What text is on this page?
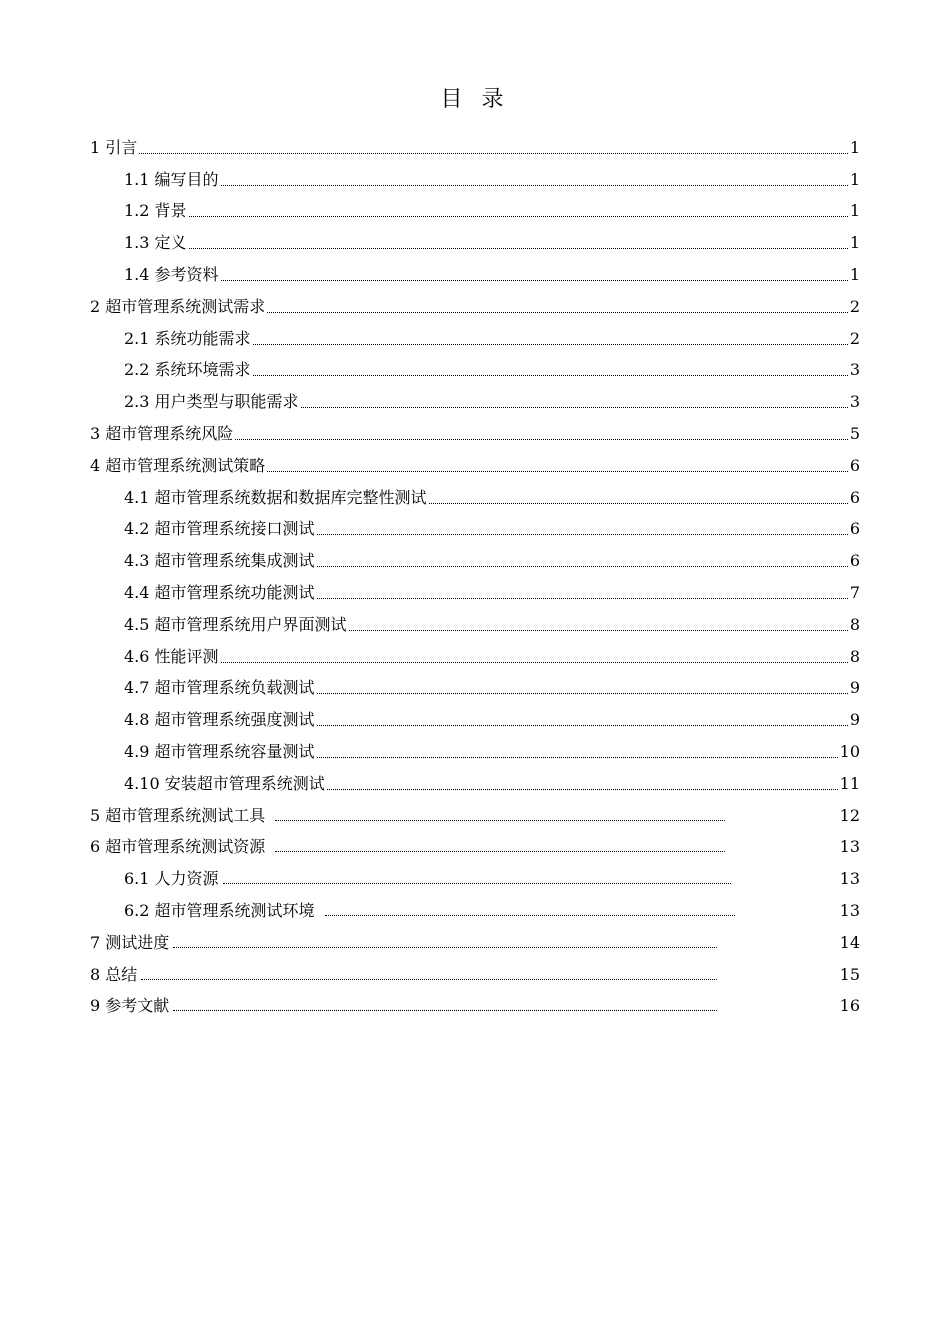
目 录
1 引言	1
1.1 编写目的	1
1.2 背景	1
1.3 定义	1
1.4 参考资料	1
2 超市管理系统测试需求	2
2.1 系统功能需求	2
2.2 系统环境需求	3
2.3 用户类型与职能需求	3
3 超市管理系统风险	5
4 超市管理系统测试策略	6
4.1 超市管理系统数据和数据库完整性测试	6
4.2 超市管理系统接口测试	6
4.3 超市管理系统集成测试	6
4.4 超市管理系统功能测试	7
4.5 超市管理系统用户界面测试	8
4.6 性能评测	8
4.7 超市管理系统负载测试	9
4.8 超市管理系统强度测试	9
4.9 超市管理系统容量测试	10
4.10 安装超市管理系统测试	11
5 超市管理系统测试工具	12
6 超市管理系统测试资源	13
6.1 人力资源	13
6.2 超市管理系统测试环境	13
7 测试进度	14
8 总结	15
9 参考文献	16
